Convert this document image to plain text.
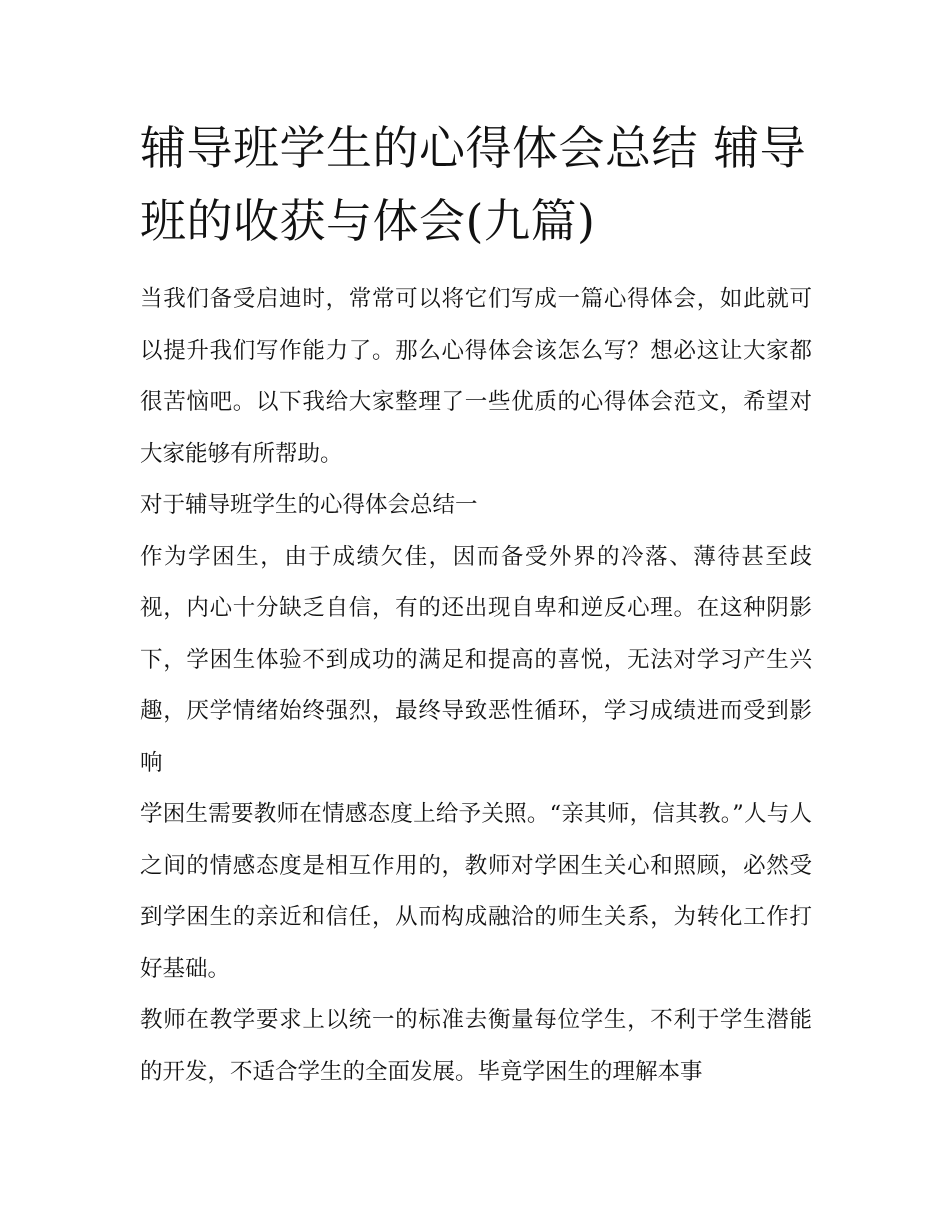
辅导班学生的心得体会总结 辅导班的收获与体会(九篇)

当我们备受启迪时，常常可以将它们写成一篇心得体会，如此就可以提升我们写作能力了。那么心得体会该怎么写？想必这让大家都很苦恼吧。以下我给大家整理了一些优质的心得体会范文，希望对大家能够有所帮助。

对于辅导班学生的心得体会总结一

作为学困生，由于成绩欠佳，因而备受外界的冷落、薄待甚至歧视，内心十分缺乏自信，有的还出现自卑和逆反心理。在这种阴影下，学困生体验不到成功的满足和提高的喜悦，无法对学习产生兴趣，厌学情绪始终强烈，最终导致恶性循环，学习成绩进而受到影响

学困生需要教师在情感态度上给予关照。“亲其师，信其教。”人与人之间的情感态度是相互作用的，教师对学困生关心和照顾，必然受到学困生的亲近和信任，从而构成融洽的师生关系，为转化工作打好基础。

教师在教学要求上以统一的标准去衡量每位学生，不利于学生潜能的开发，不适合学生的全面发展。毕竟学困生的理解本事
